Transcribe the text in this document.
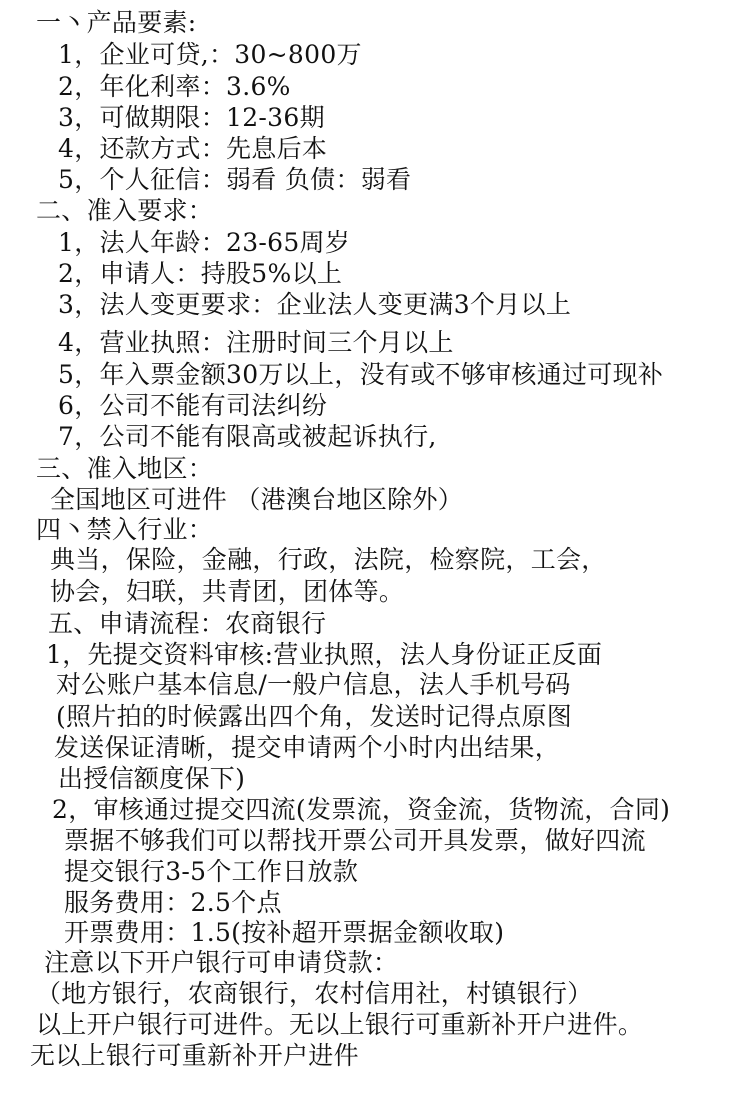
一丶产品要素:
1，企业可贷,：30~800万
2，年化利率：3.6%
3，可做期限：12-36期
4，还款方式：先息后本
5，个人征信：弱看 负债：弱看
二、准入要求：
1，法人年龄：23-65周岁
2，申请人：持股5%以上
3，法人变更要求：企业法人变更满3个月以上
4，营业执照：注册时间三个月以上
5，年入票金额30万以上，没有或不够审核通过可现补
6，公司不能有司法纠纷
7，公司不能有限高或被起诉执行,
三、准入地区：
全国地区可进件 （港澳台地区除外）
四丶禁入行业：
典当，保险，金融，行政，法院，检察院，工会，
协会，妇联，共青团，团体等。
五、申请流程：农商银行
1，先提交资料审核:营业执照，法人身份证正反面
对公账户基本信息/一般户信息，法人手机号码
(照片拍的时候露出四个角，发送时记得点原图
发送保证清晰，提交申请两个小时内出结果，
出授信额度保下)
2，审核通过提交四流(发票流，资金流，货物流，合同)
票据不够我们可以帮找开票公司开具发票，做好四流
提交银行3-5个工作日放款
服务费用：2.5个点
开票费用：1.5(按补超开票据金额收取)
注意以下开户银行可申请贷款：
（地方银行，农商银行，农村信用社，村镇银行）
以上开户银行可进件。无以上银行可重新补开户进件。
无以上银行可重新补开户进件
